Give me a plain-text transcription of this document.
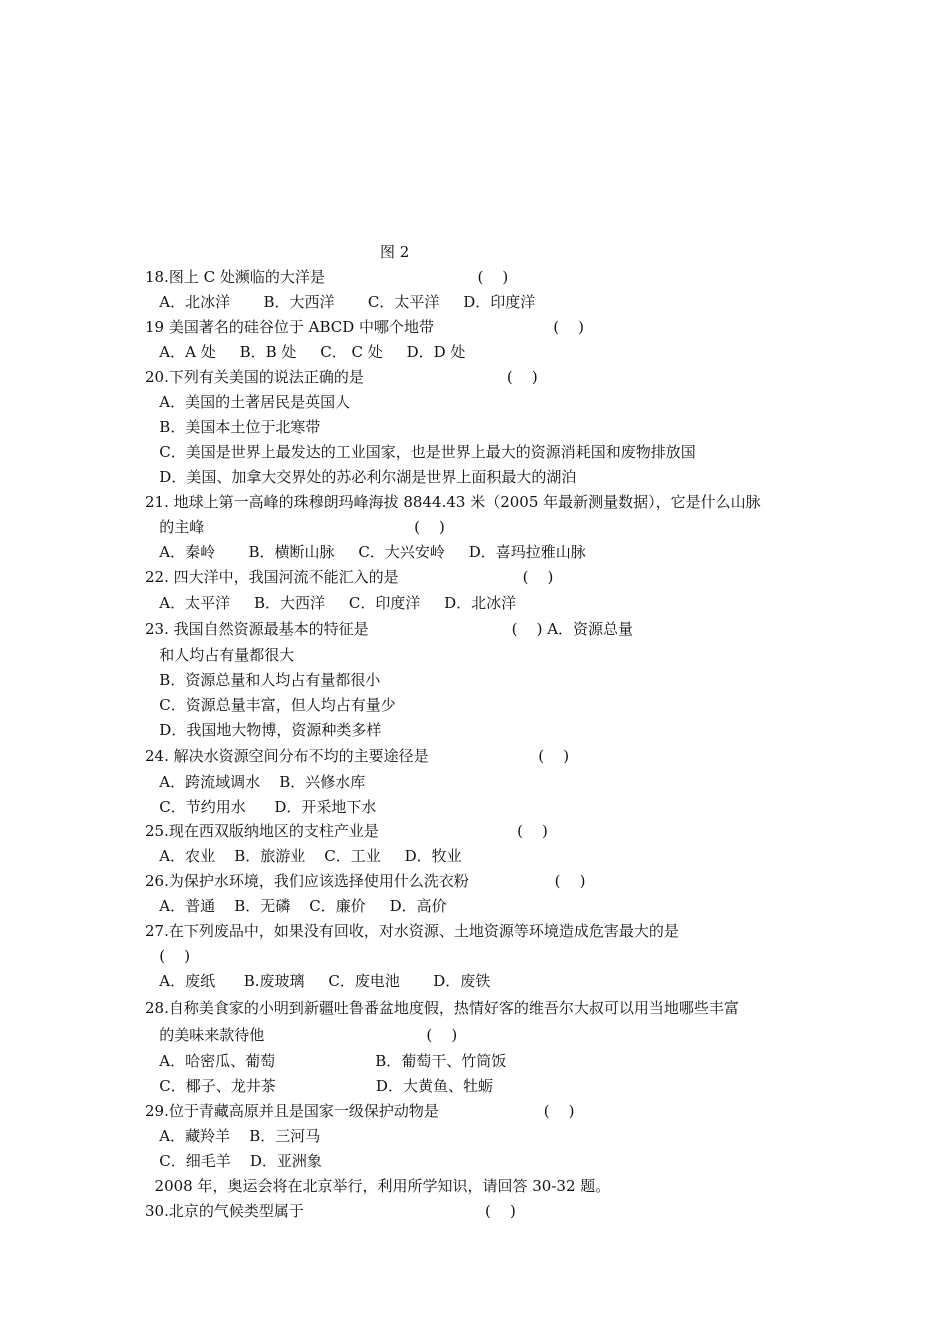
图 2
18.图上 C 处濒临的大洋是                                (    )
A．北冰洋       B．大西洋       C．太平洋     D．印度洋
19 美国著名的硅谷位于 ABCD 中哪个地带                         (    )
A．A 处     B．B 处     C． C 处     D．D 处
20.下列有关美国的说法正确的是                              (    )
A．美国的土著居民是英国人
B．美国本土位于北寒带
C．美国是世界上最发达的工业国家，也是世界上最大的资源消耗国和废物排放国
D．美国、加拿大交界处的苏必利尔湖是世界上面积最大的湖泊
21. 地球上第一高峰的珠穆朗玛峰海拔 8844.43 米（2005 年最新测量数据），它是什么山脉
的主峰                                            (    )
A．秦岭       B．横断山脉     C．大兴安岭     D．喜玛拉雅山脉
22. 四大洋中，我国河流不能汇入的是                          (    )
A．太平洋     B．大西洋     C．印度洋     D．北冰洋
23. 我国自然资源最基本的特征是                              (    ) A．资源总量
和人均占有量都很大
B．资源总量和人均占有量都很小
C．资源总量丰富，但人均占有量少
D．我国地大物博，资源种类多样
24. 解决水资源空间分布不均的主要途径是                       (    )
A．跨流域调水    B．兴修水库
C．节约用水      D．开采地下水
25.现在西双版纳地区的支柱产业是                             (    )
A．农业    B．旅游业    C．工业     D．牧业
26.为保护水环境，我们应该选择使用什么洗衣粉                  (    )
A．普通    B．无磷    C．廉价     D．高价
27.在下列废品中，如果没有回收，对水资源、土地资源等环境造成危害最大的是
(    )
A．废纸      B.废玻璃     C．废电池       D．废铁
28.自称美食家的小明到新疆吐鲁番盆地度假，热情好客的维吾尔大叔可以用当地哪些丰富
的美味来款待他                                  (    )
A．哈密瓜、葡萄                     B．葡萄干、竹筒饭
C．椰子、龙井茶                     D．大黄鱼、牡蛎
29.位于青藏高原并且是国家一级保护动物是                      (    )
A．藏羚羊    B．三河马
C．细毛羊    D．亚洲象
2008 年，奥运会将在北京举行，利用所学知识，请回答 30-32 题。
30.北京的气候类型属于                                      (    )
